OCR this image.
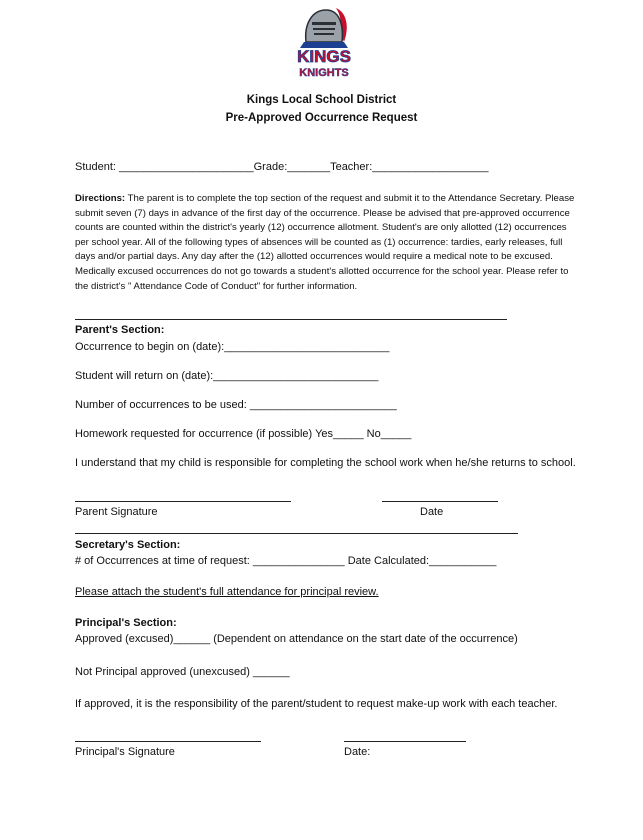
KINGS
KNIGHTS
Kings Local School District
Pre-Approved Occurrence Request
Student: ______________________Grade:_______Teacher:___________________
Directions: The parent is to complete the top section of the request and submit it to the Attendance Secretary. Please submit seven (7) days in advance of the first day of the occurrence. Please be advised that pre-approved occurrence counts are counted within the district's yearly (12) occurrence allotment. Student's are only allotted (12) occurrences per school year. All of the following types of absences will be counted as (1) occurrence: tardies, early releases, full days and/or partial days. Any day after the (12) allotted occurrences would require a medical note to be excused. Medically excused occurrences do not go towards a student's allotted occurrence for the school year. Please refer to the district's " Attendance Code of Conduct" for further information.
Parent's Section:
Occurrence to begin on (date):___________________________
Student will return on (date):___________________________
Number of occurrences to be used: ________________________
Homework requested for occurrence (if possible) Yes_____ No_____
I understand that my child is responsible for completing the school work when he/she returns to school.
Parent Signature	Date
Secretary's Section:
# of Occurrences at time of request: _______________ Date Calculated:___________
Please attach the student's full attendance for principal review.
Principal's Section:
Approved (excused)______ (Dependent on attendance on the start date of the occurrence)
Not Principal approved (unexcused) ______
If approved, it is the responsibility of the parent/student to request make-up work with each teacher.
Principal's Signature	Date:
